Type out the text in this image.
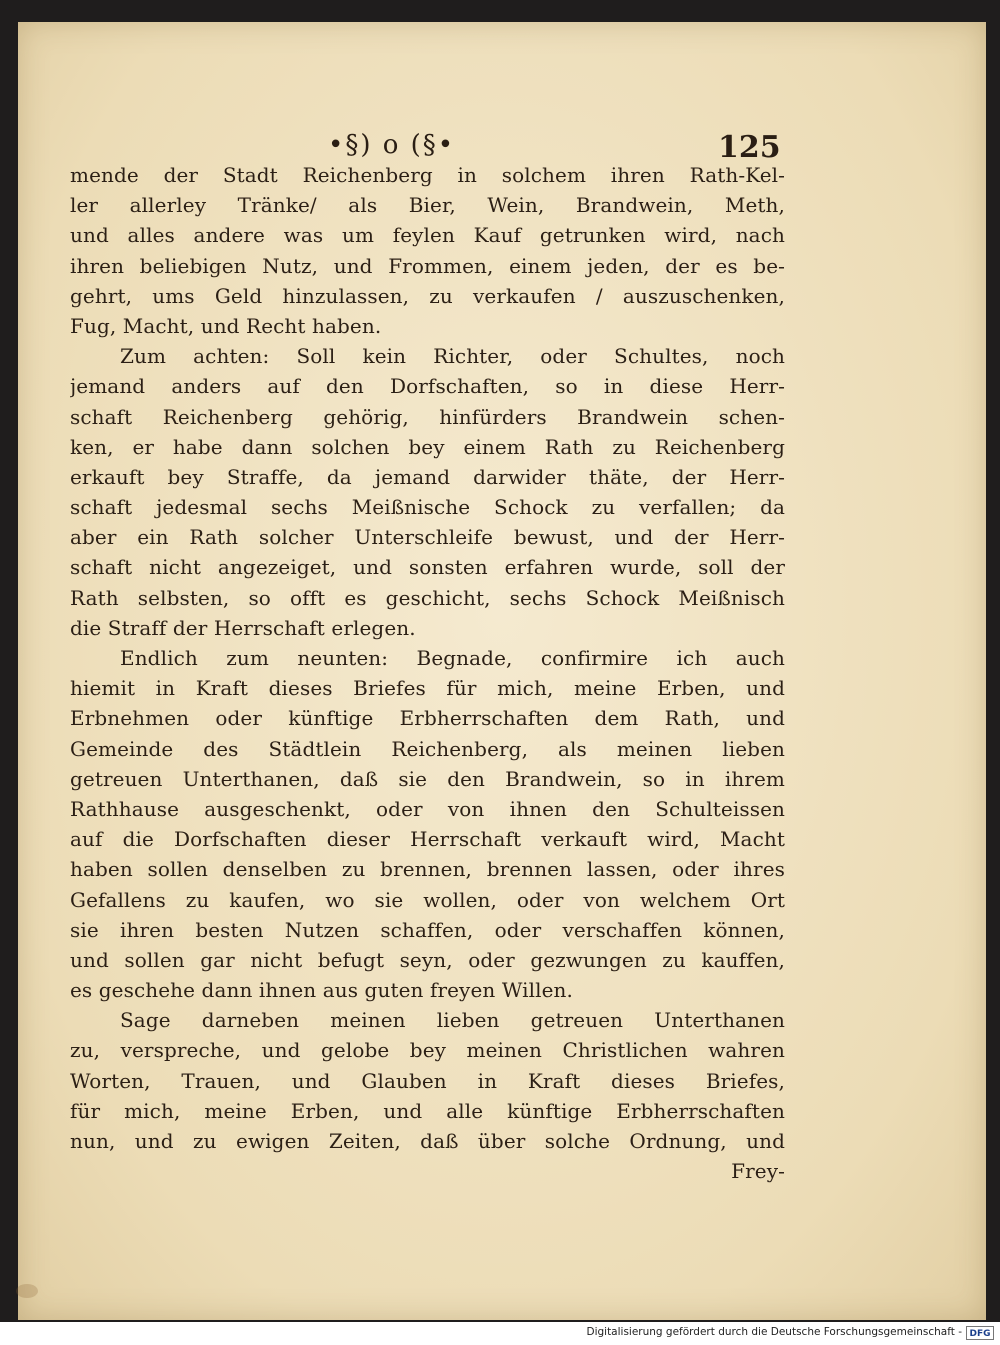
•§) o (§•	125
mende der Stadt Reichenberg in solchem ihren Rath-Kel-
ler allerley Tränke/ als Bier, Wein, Brandwein, Meth,
und alles andere was um feylen Kauf getrunken wird, nach
ihren beliebigen Nutz, und Frommen, einem jeden, der es be-
gehrt, ums Geld hinzulassen, zu verkaufen / auszuschenken,
Fug, Macht, und Recht haben.
Zum achten: Soll kein Richter, oder Schultes, noch
jemand anders auf den Dorfschaften, so in diese Herr-
schaft Reichenberg gehörig, hinfürders Brandwein schen-
ken, er habe dann solchen bey einem Rath zu Reichenberg
erkauft bey Straffe, da jemand darwider thäte, der Herr-
schaft jedesmal sechs Meißnische Schock zu verfallen; da
aber ein Rath solcher Unterschleife bewust, und der Herr-
schaft nicht angezeiget, und sonsten erfahren wurde, soll der
Rath selbsten, so offt es geschicht, sechs Schock Meißnisch
die Straff der Herrschaft erlegen.
Endlich zum neunten: Begnade, confirmire ich auch
hiemit in Kraft dieses Briefes für mich, meine Erben, und
Erbnehmen oder künftige Erbherrschaften dem Rath, und
Gemeinde des Städtlein Reichenberg, als meinen lieben
getreuen Unterthanen, daß sie den Brandwein, so in ihrem
Rathhause ausgeschenkt, oder von ihnen den Schulteissen
auf die Dorfschaften dieser Herrschaft verkauft wird, Macht
haben sollen denselben zu brennen, brennen lassen, oder ihres
Gefallens zu kaufen, wo sie wollen, oder von welchem Ort
sie ihren besten Nutzen schaffen, oder verschaffen können,
und sollen gar nicht befugt seyn, oder gezwungen zu kauffen,
es geschehe dann ihnen aus guten freyen Willen.
Sage darneben meinen lieben getreuen Unterthanen
zu, verspreche, und gelobe bey meinen Christlichen wahren
Worten, Trauen, und Glauben in Kraft dieses Briefes,
für mich, meine Erben, und alle künftige Erbherrschaften
nun, und zu ewigen Zeiten, daß über solche Ordnung, und
Frey-
Digitalisierung gefördert durch die Deutsche Forschungsgemeinschaft - DFG
